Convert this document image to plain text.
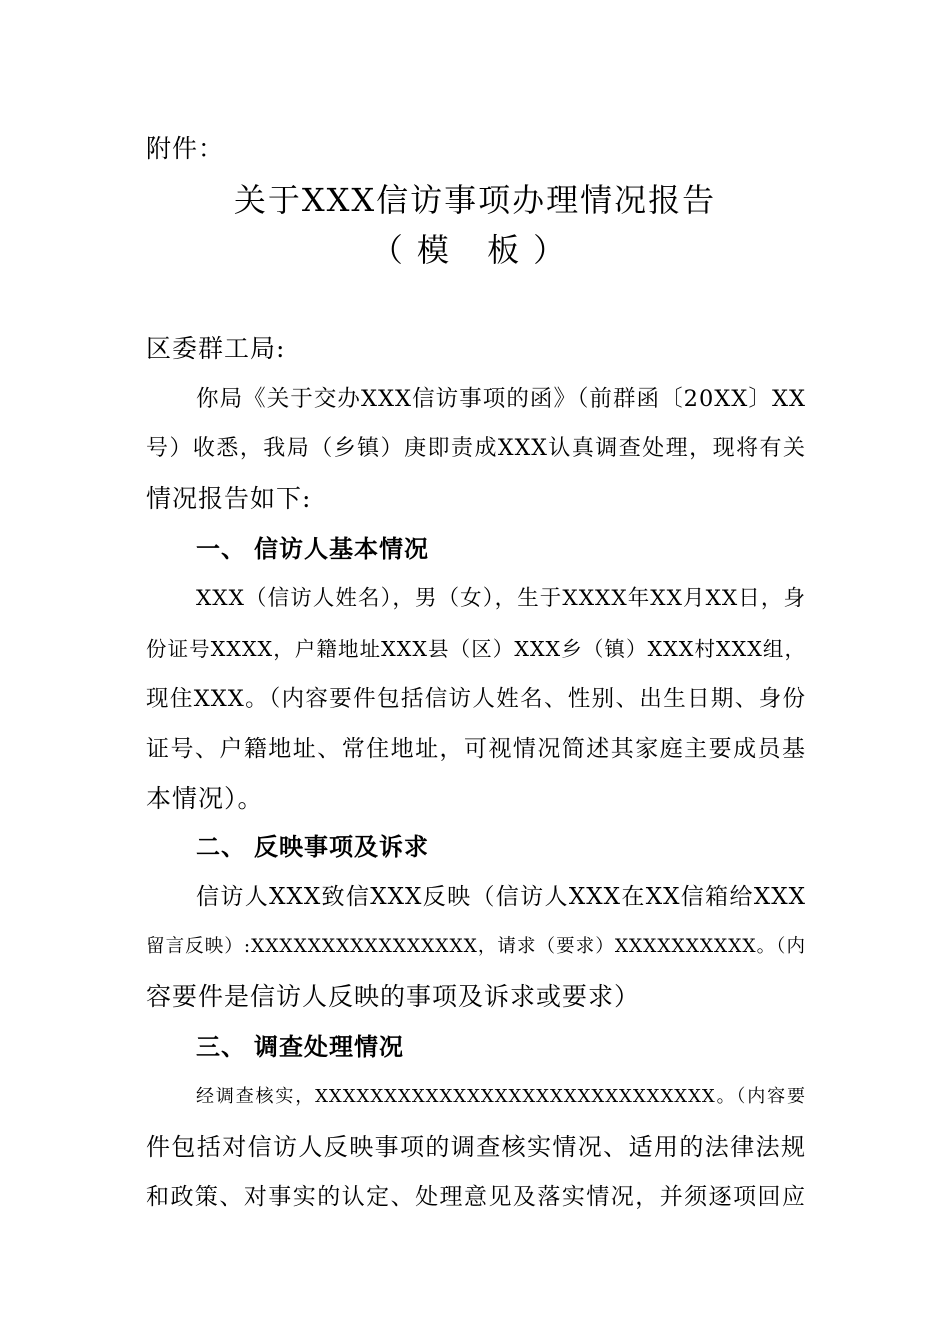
附件：
关于XXX信访事项办理情况报告
（模 板）
区委群工局:
你局《关于交办XXX信访事项的函》（前群函〔20XX〕XX
号）收悉，我局（乡镇）庚即责成XXX认真调查处理，现将有关
情况报告如下:
一、 信访人基本情况
XXX（信访人姓名），男（女），生于XXXX年XX月XX日，身
份证号XXXX，户籍地址XXX县（区）XXX乡（镇）XXX村XXX组，
现住XXX。（内容要件包括信访人姓名、性别、出生日期、身份
证号、户籍地址、常住地址，可视情况简述其家庭主要成员基
本情况）。
二、 反映事项及诉求
信访人XXX致信XXX反映（信访人XXX在XX信箱给XXX
留言反映）:XXXXXXXXXXXXXXXX，请求（要求）XXXXXXXXXX。（内
容要件是信访人反映的事项及诉求或要求）
三、 调查处理情况
经调查核实，XXXXXXXXXXXXXXXXXXXXXXXXXXXXX。（内容要
件包括对信访人反映事项的调查核实情况、适用的法律法规
和政策、对事实的认定、处理意见及落实情况，并须逐项回应
